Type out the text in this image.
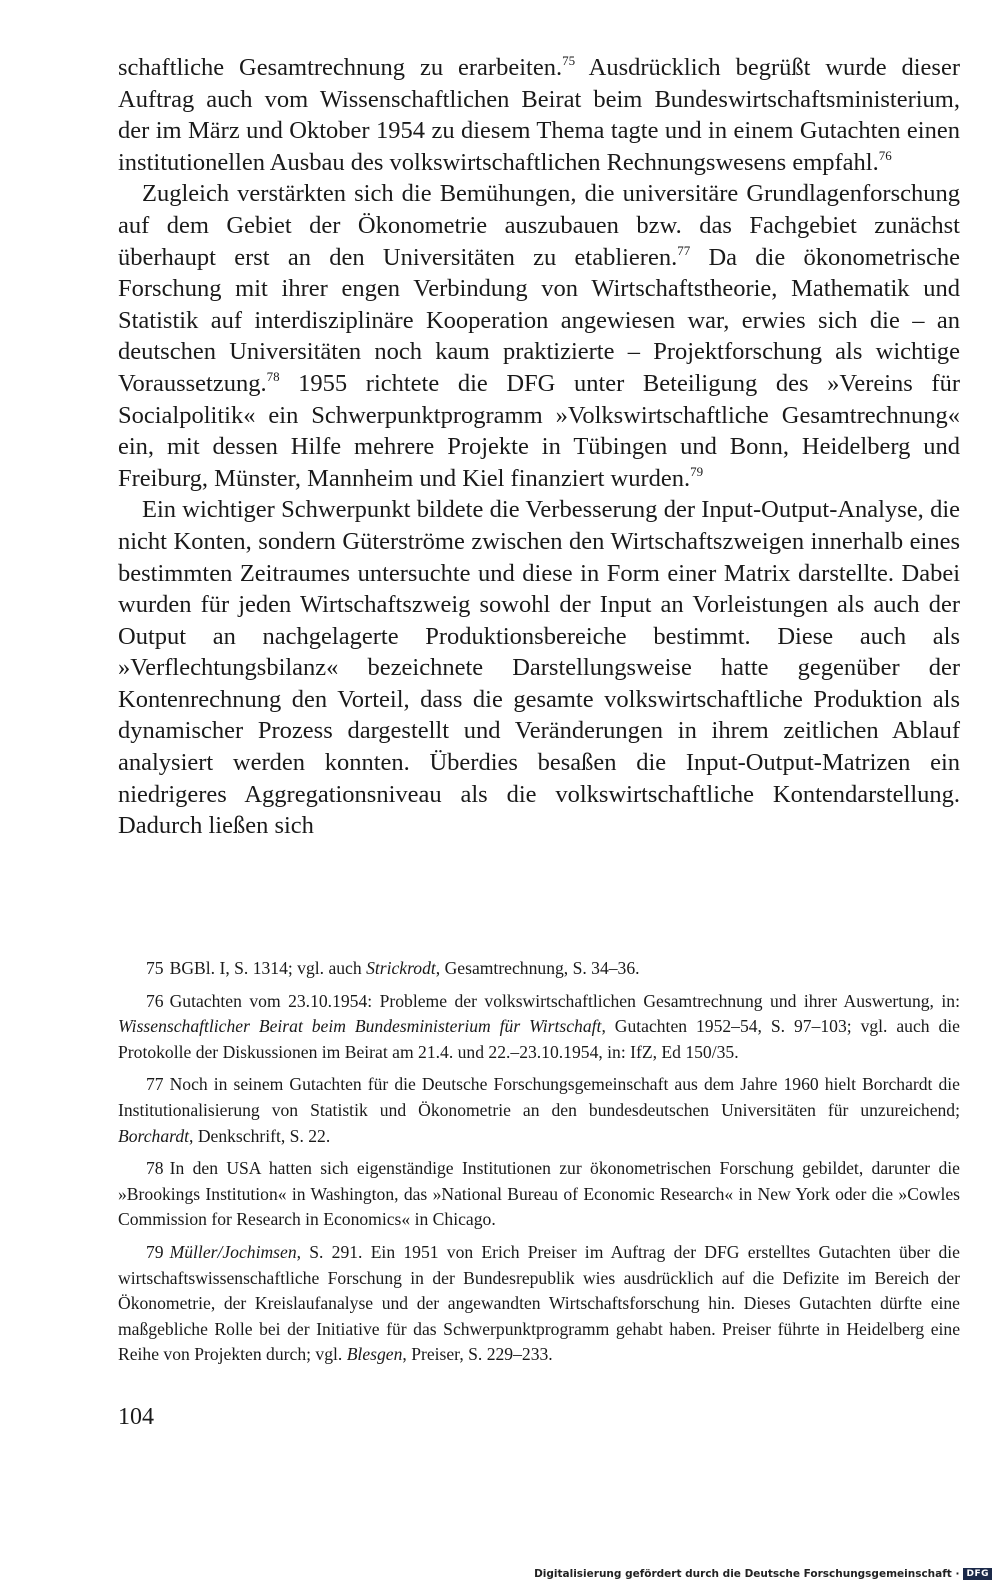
schaftliche Gesamtrechnung zu erarbeiten.$^{75}$ Ausdrücklich begrüßt wurde dieser Auftrag auch vom Wissenschaftlichen Beirat beim Bundeswirtschaftsministerium, der im März und Oktober 1954 zu diesem Thema tagte und in einem Gutachten einen institutionellen Ausbau des volkswirtschaftlichen Rechnungswesens empfahl.$^{76}$

Zugleich verstärkten sich die Bemühungen, die universitäre Grundlagenforschung auf dem Gebiet der Ökonometrie auszubauen bzw. das Fachgebiet zunächst überhaupt erst an den Universitäten zu etablieren.$^{77}$ Da die ökonometrische Forschung mit ihrer engen Verbindung von Wirtschaftstheorie, Mathematik und Statistik auf interdisziplinäre Kooperation angewiesen war, erwies sich die – an deutschen Universitäten noch kaum praktizierte – Projektforschung als wichtige Voraussetzung.$^{78}$ 1955 richtete die DFG unter Beteiligung des »Vereins für Socialpolitik« ein Schwerpunktprogramm »Volkswirtschaftliche Gesamtrechnung« ein, mit dessen Hilfe mehrere Projekte in Tübingen und Bonn, Heidelberg und Freiburg, Münster, Mannheim und Kiel finanziert wurden.$^{79}$

Ein wichtiger Schwerpunkt bildete die Verbesserung der Input-Output-Analyse, die nicht Konten, sondern Güterströme zwischen den Wirtschaftszweigen innerhalb eines bestimmten Zeitraumes untersuchte und diese in Form einer Matrix darstellte. Dabei wurden für jeden Wirtschaftszweig sowohl der Input an Vorleistungen als auch der Output an nachgelagerte Produktionsbereiche bestimmt. Diese auch als »Verflechtungsbilanz« bezeichnete Darstellungsweise hatte gegenüber der Kontenrechnung den Vorteil, dass die gesamte volkswirtschaftliche Produktion als dynamischer Prozess dargestellt und Veränderungen in ihrem zeitlichen Ablauf analysiert werden konnten. Überdies besaßen die Input-Output-Matrizen ein niedrigeres Aggregationsniveau als die volkswirtschaftliche Kontendarstellung. Dadurch ließen sich

75 BGBl. I, S. 1314; vgl. auch Strickrodt, Gesamtrechnung, S. 34–36.

76 Gutachten vom 23.10.1954: Probleme der volkswirtschaftlichen Gesamtrechnung und ihrer Auswertung, in: Wissenschaftlicher Beirat beim Bundesministerium für Wirtschaft, Gutachten 1952–54, S. 97–103; vgl. auch die Protokolle der Diskussionen im Beirat am 21.4. und 22.–23.10.1954, in: IfZ, Ed 150/35.

77 Noch in seinem Gutachten für die Deutsche Forschungsgemeinschaft aus dem Jahre 1960 hielt Borchardt die Institutionalisierung von Statistik und Ökonometrie an den bundesdeutschen Universitäten für unzureichend; Borchardt, Denkschrift, S. 22.

78 In den USA hatten sich eigenständige Institutionen zur ökonometrischen Forschung gebildet, darunter die »Brookings Institution« in Washington, das »National Bureau of Economic Research« in New York oder die »Cowles Commission for Research in Economics« in Chicago.

79 Müller/Jochimsen, S. 291. Ein 1951 von Erich Preiser im Auftrag der DFG erstelltes Gutachten über die wirtschaftswissenschaftliche Forschung in der Bundesrepublik wies ausdrücklich auf die Defizite im Bereich der Ökonometrie, der Kreislaufanalyse und der angewandten Wirtschaftsforschung hin. Dieses Gutachten dürfte eine maßgebliche Rolle bei der Initiative für das Schwerpunktprogramm gehabt haben. Preiser führte in Heidelberg eine Reihe von Projekten durch; vgl. Blesgen, Preiser, S. 229–233.

104
Digitalisierung gefördert durch die Deutsche Forschungsgemeinschaft · DFG
